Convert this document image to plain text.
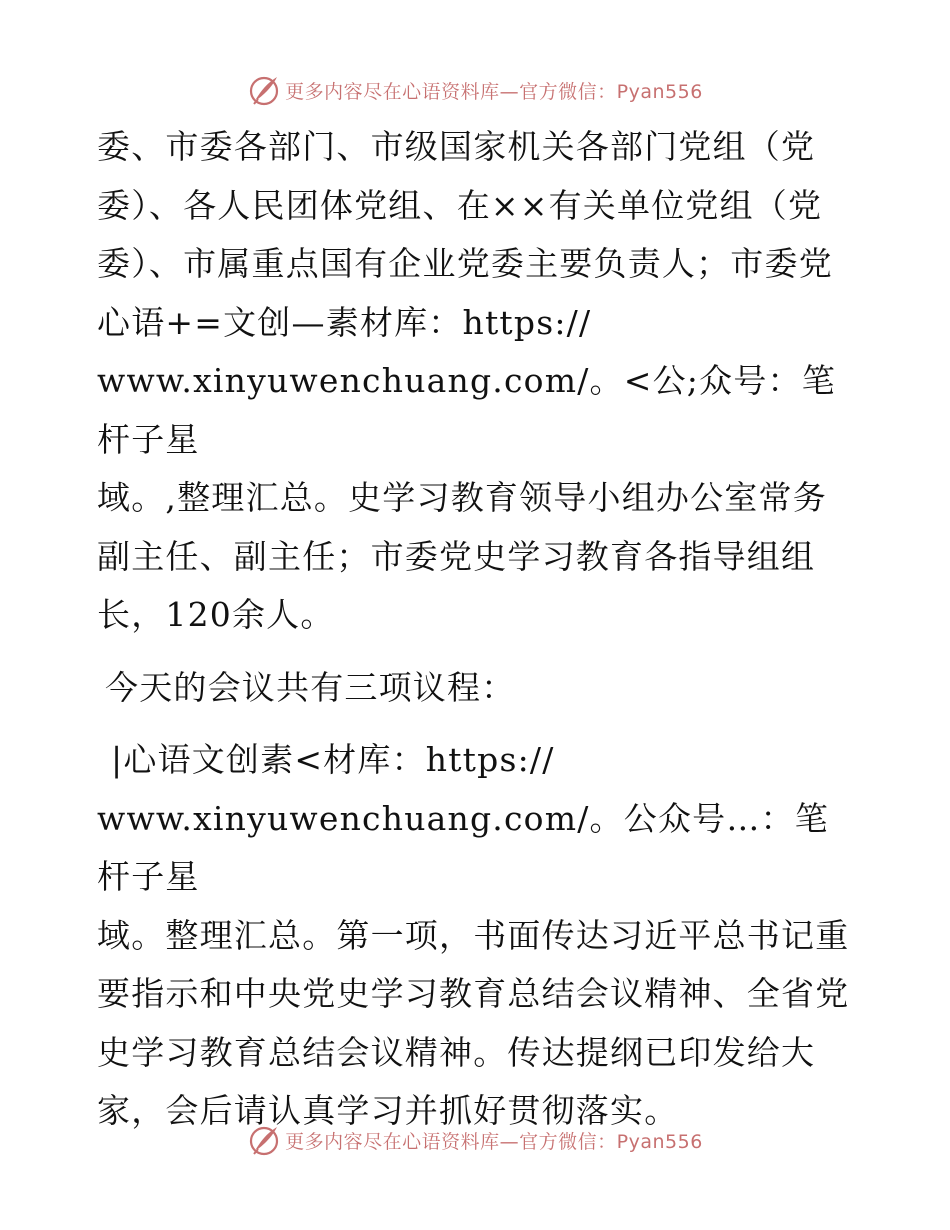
更多内容尽在心语资料库—官方微信：Pyan556
委、市委各部门、市级国家机关各部门党组（党
委）、各人民团体党组、在××有关单位党组（党
委）、市属重点国有企业党委主要负责人；市委党
心语+=文创—素材库：https://
www.xinyuwenchuang.com/。<公;众号：笔杆子星
域。,整理汇总。史学习教育领导小组办公室常务
副主任、副主任；市委党史学习教育各指导组组
长，120余人。
今天的会议共有三项议程：
|心语文创素<材库：https://
www.xinyuwenchuang.com/。公众号…：笔杆子星
域。整理汇总。第一项，书面传达习近平总书记重
要指示和中央党史学习教育总结会议精神、全省党
史学习教育总结会议精神。传达提纲已印发给大
家，会后请认真学习并抓好贯彻落实。
更多内容尽在心语资料库—官方微信：Pyan556
